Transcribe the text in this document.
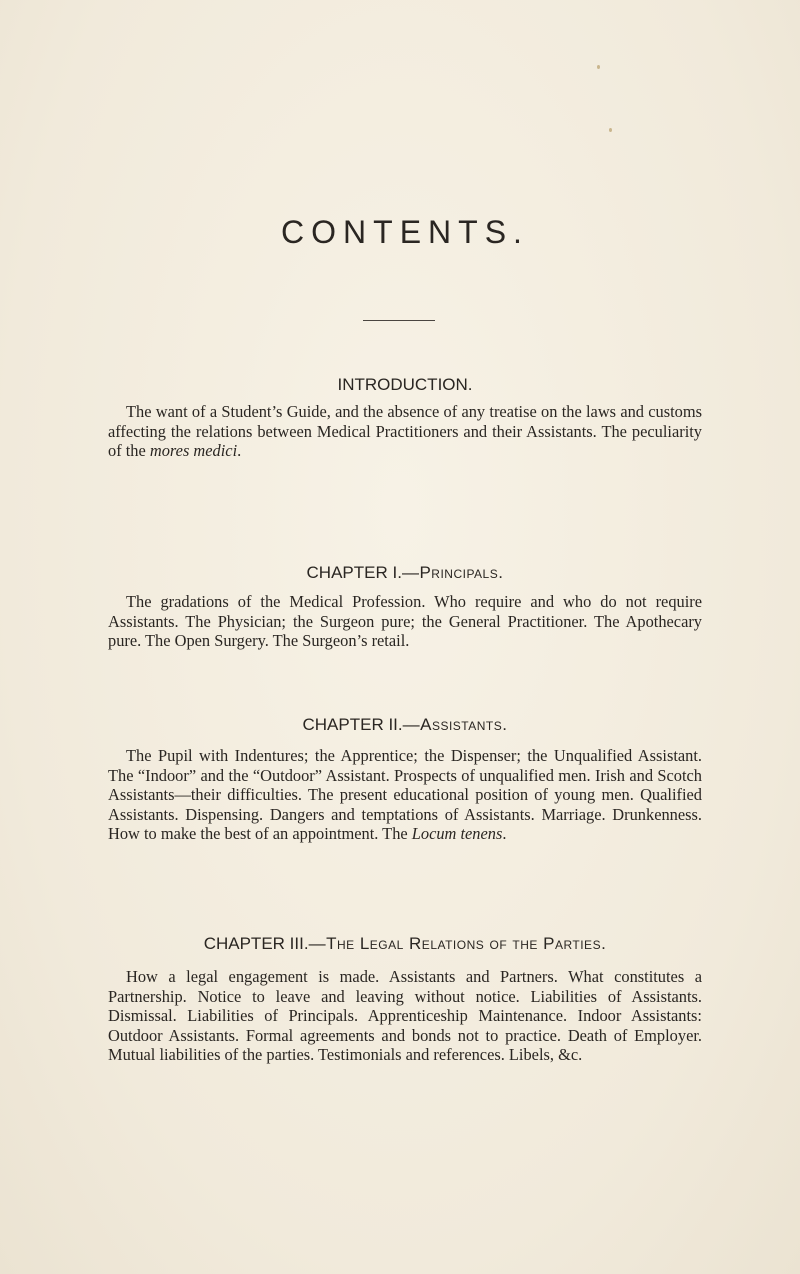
CONTENTS.
INTRODUCTION.

The want of a Student’s Guide, and the absence of any treatise on the laws and customs affecting the relations between Medical Practitioners and their Assistants. The peculiarity of the mores medici.

CHAPTER I.—Principals.

The gradations of the Medical Profession. Who require and who do not require Assistants. The Physician; the Surgeon pure; the General Practitioner. The Apothecary pure. The Open Surgery. The Surgeon’s retail.

CHAPTER II.—Assistants.

The Pupil with Indentures; the Apprentice; the Dispenser; the Unqualified Assistant. The “Indoor” and the “Outdoor” Assistant. Prospects of unqualified men. Irish and Scotch Assistants—their difficulties. The present educational position of young men. Qualified Assistants. Dispensing. Dangers and temptations of Assistants. Marriage. Drunkenness. How to make the best of an appointment. The Locum tenens.

CHAPTER III.—The Legal Relations of the Parties.

How a legal engagement is made. Assistants and Partners. What constitutes a Partnership. Notice to leave and leaving without notice. Liabilities of Assistants. Dismissal. Liabilities of Principals. Apprenticeship Maintenance. Indoor Assistants: Outdoor Assistants. Formal agreements and bonds not to practice. Death of Employer. Mutual liabilities of the parties. Testimonials and references. Libels, &c.
